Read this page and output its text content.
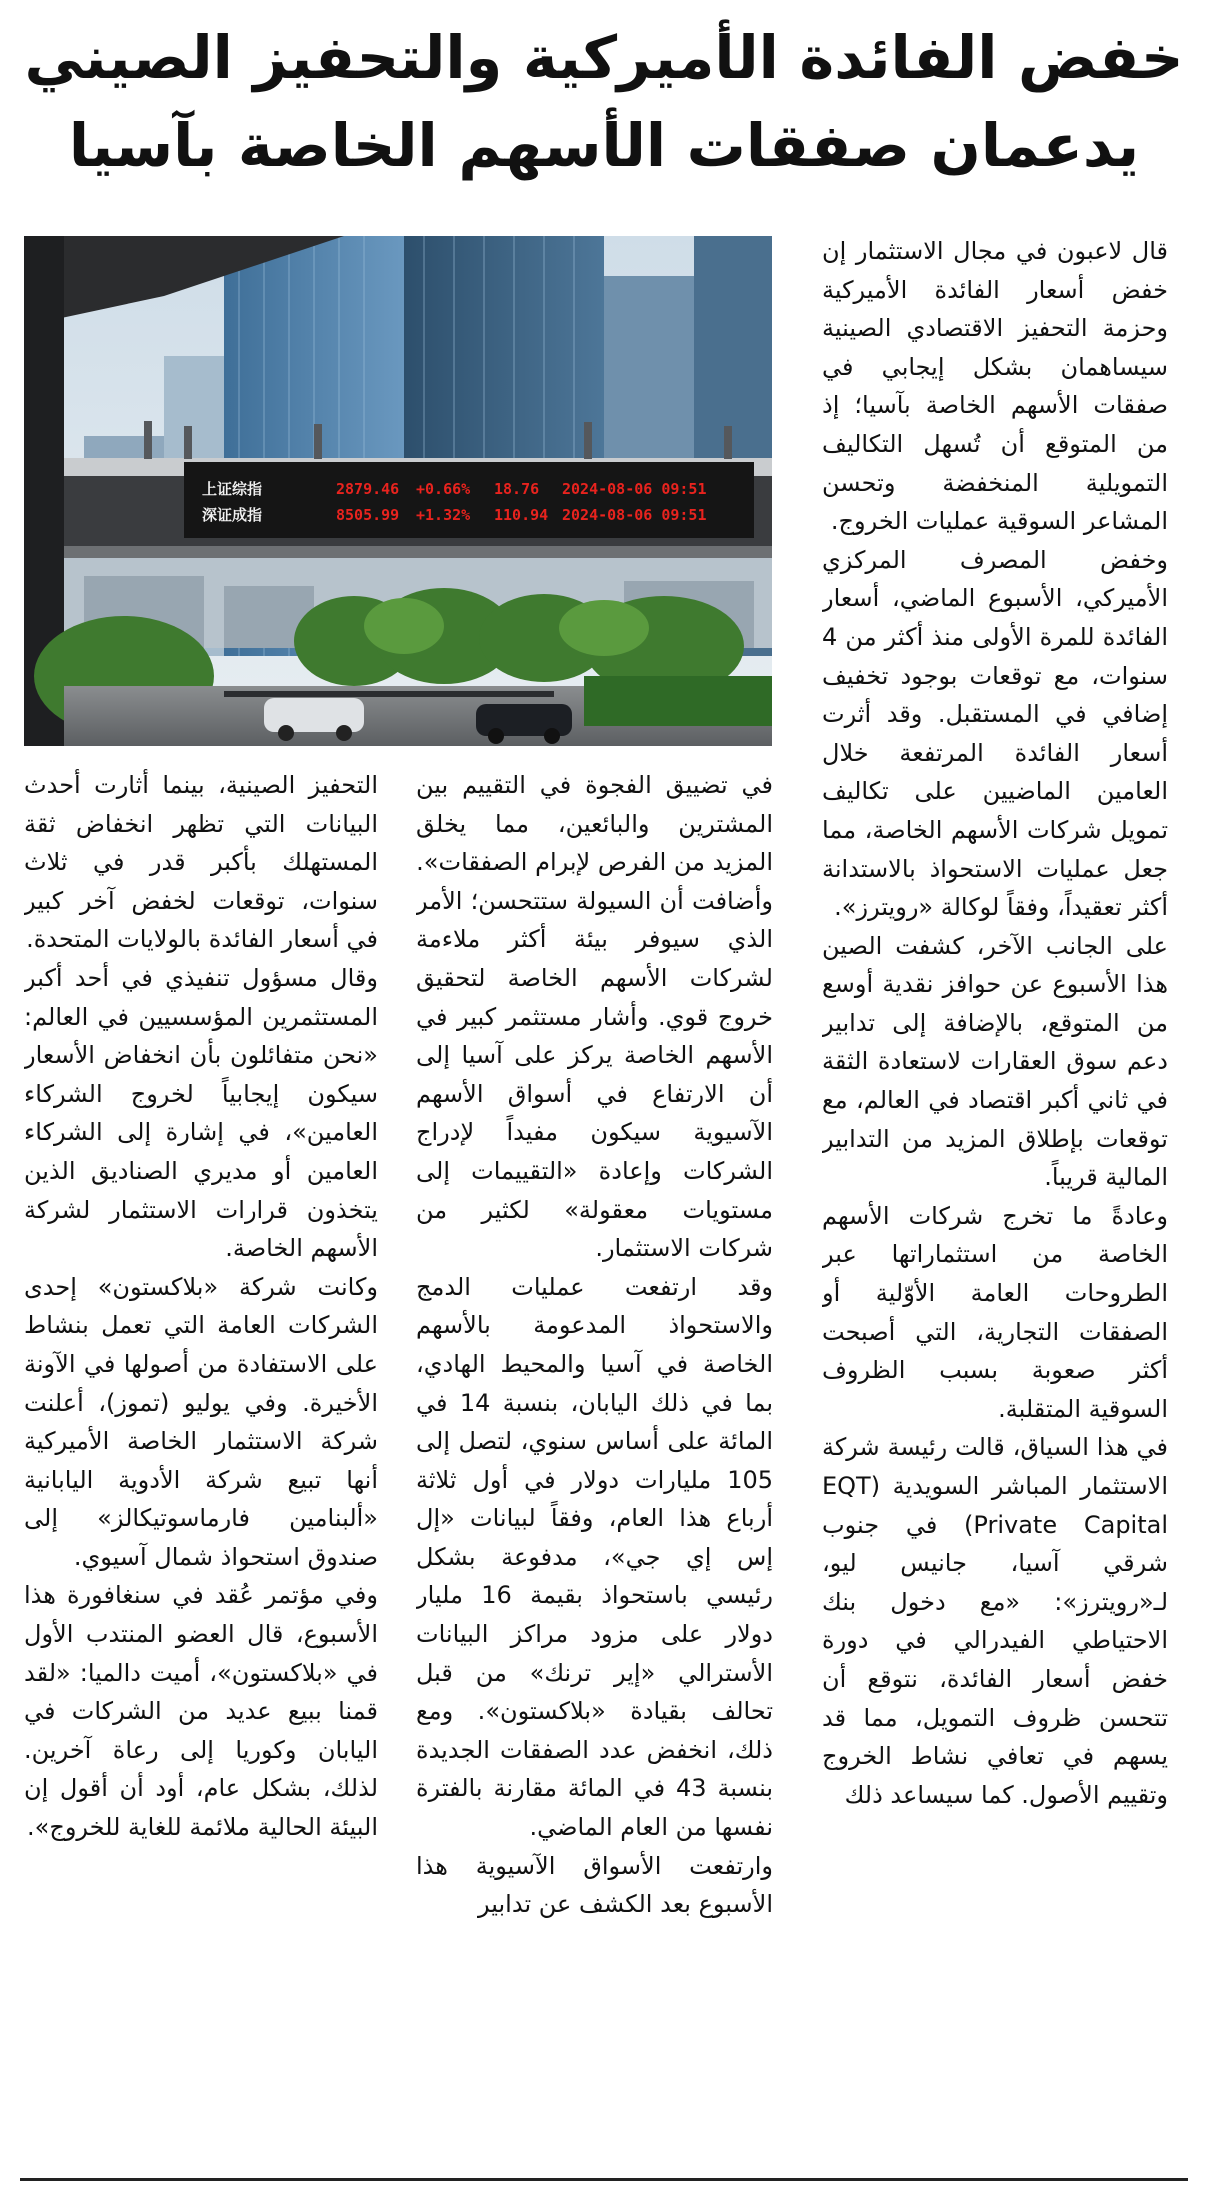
خفض الفائدة الأميركية والتحفيز الصيني
يدعمان صفقات الأسهم الخاصة بآسيا

قال لاعبون في مجال الاستثمار إن خفض أسعار الفائدة الأميركية وحزمة التحفيز الاقتصادي الصينية سيساهمان بشكل إيجابي في صفقات الأسهم الخاصة بآسيا؛ إذ من المتوقع أن تُسهل التكاليف التمويلية المنخفضة وتحسن المشاعر السوقية عمليات الخروج.

وخفض المصرف المركزي الأميركي، الأسبوع الماضي، أسعار الفائدة للمرة الأولى منذ أكثر من 4 سنوات، مع توقعات بوجود تخفيف إضافي في المستقبل. وقد أثرت أسعار الفائدة المرتفعة خلال العامين الماضيين على تكاليف تمويل شركات الأسهم الخاصة، مما جعل عمليات الاستحواذ بالاستدانة أكثر تعقيداً، وفقاً لوكالة «رويترز».

على الجانب الآخر، كشفت الصين هذا الأسبوع عن حوافز نقدية أوسع من المتوقع، بالإضافة إلى تدابير دعم سوق العقارات لاستعادة الثقة في ثاني أكبر اقتصاد في العالم، مع توقعات بإطلاق المزيد من التدابير المالية قريباً.

وعادةً ما تخرج شركات الأسهم الخاصة من استثماراتها عبر الطروحات العامة الأوّلية أو الصفقات التجارية، التي أصبحت أكثر صعوبة بسبب الظروف السوقية المتقلبة.

في هذا السياق، قالت رئيسة شركة الاستثمار المباشر السويدية (EQT Private Capital) في جنوب شرقي آسيا، جانيس ليو، لـ«رويترز»: «مع دخول بنك الاحتياطي الفيدرالي في دورة خفض أسعار الفائدة، نتوقع أن تتحسن ظروف التمويل، مما قد يسهم في تعافي نشاط الخروج وتقييم الأصول. كما سيساعد ذلك

上证综指	2879.46 +0.66% 18.76 2024-08-06 09:51
深证成指	8505.99 +1.32% 110.94 2024-08-06 09:51

في تضييق الفجوة في التقييم بين المشترين والبائعين، مما يخلق المزيد من الفرص لإبرام الصفقات».

وأضافت أن السيولة ستتحسن؛ الأمر الذي سيوفر بيئة أكثر ملاءمة لشركات الأسهم الخاصة لتحقيق خروج قوي. وأشار مستثمر كبير في الأسهم الخاصة يركز على آسيا إلى أن الارتفاع في أسواق الأسهم الآسيوية سيكون مفيداً لإدراج الشركات وإعادة «التقييمات إلى مستويات معقولة» لكثير من شركات الاستثمار.

وقد ارتفعت عمليات الدمج والاستحواذ المدعومة بالأسهم الخاصة في آسيا والمحيط الهادي، بما في ذلك اليابان، بنسبة 14 في المائة على أساس سنوي، لتصل إلى 105 مليارات دولار في أول ثلاثة أرباع هذا العام، وفقاً لبيانات «إل إس إي جي»، مدفوعة بشكل رئيسي باستحواذ بقيمة 16 مليار دولار على مزود مراكز البيانات الأسترالي «إير ترنك» من قبل تحالف بقيادة «بلاكستون». ومع ذلك، انخفض عدد الصفقات الجديدة بنسبة 43 في المائة مقارنة بالفترة نفسها من العام الماضي.

وارتفعت الأسواق الآسيوية هذا الأسبوع بعد الكشف عن تدابير

التحفيز الصينية، بينما أثارت أحدث البيانات التي تظهر انخفاض ثقة المستهلك بأكبر قدر في ثلاث سنوات، توقعات لخفض آخر كبير في أسعار الفائدة بالولايات المتحدة.

وقال مسؤول تنفيذي في أحد أكبر المستثمرين المؤسسيين في العالم: «نحن متفائلون بأن انخفاض الأسعار سيكون إيجابياً لخروج الشركاء العامين»، في إشارة إلى الشركاء العامين أو مديري الصناديق الذين يتخذون قرارات الاستثمار لشركة الأسهم الخاصة.

وكانت شركة «بلاكستون» إحدى الشركات العامة التي تعمل بنشاط على الاستفادة من أصولها في الآونة الأخيرة. وفي يوليو (تموز)، أعلنت شركة الاستثمار الخاصة الأميركية أنها تبيع شركة الأدوية اليابانية «ألبنامين فارماسوتيكالز» إلى صندوق استحواذ شمال آسيوي.

وفي مؤتمر عُقد في سنغافورة هذا الأسبوع، قال العضو المنتدب الأول في «بلاكستون»، أميت دالميا: «لقد قمنا ببيع عديد من الشركات في اليابان وكوريا إلى رعاة آخرين. لذلك، بشكل عام، أود أن أقول إن البيئة الحالية ملائمة للغاية للخروج».
